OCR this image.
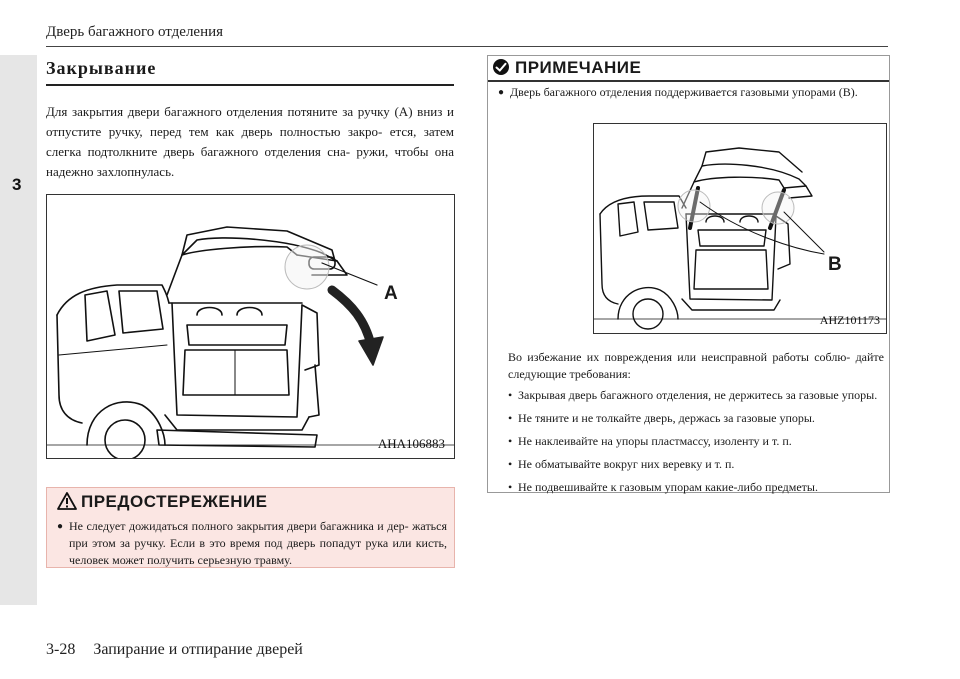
3
Дверь багажного отделения
Закрывание
Для закрытия двери багажного отделения потяните за ручку (A) вниз и отпустите ручку, перед тем как дверь полностью закро- ется, затем слегка подтолкните дверь багажного отделения сна- ружи, чтобы она надежно захлопнулась.
A
AHA106883
ПРЕДОСТЕРЕЖЕНИЕ
● Не следует дожидаться полного закрытия двери багажника и дер- жаться при этом за ручку. Если в это время под дверь попадут рука или кисть, человек может получить серьезную травму.
ПРИМЕЧАНИЕ
● Дверь багажного отделения поддерживается газовыми упорами (B).
Во избежание их повреждения или неисправной работы соблю- дайте следующие требования:
• Закрывая дверь багажного отделения, не держитесь за газовые упоры.
• Не тяните и не толкайте дверь, держась за газовые упоры.
• Не наклеивайте на упоры пластмассу, изоленту и т. п.
• Не обматывайте вокруг них веревку и т. п.
• Не подвешивайте к газовым упорам какие-либо предметы.
B
AHZ101173
3-28 Запирание и отпирание дверей
